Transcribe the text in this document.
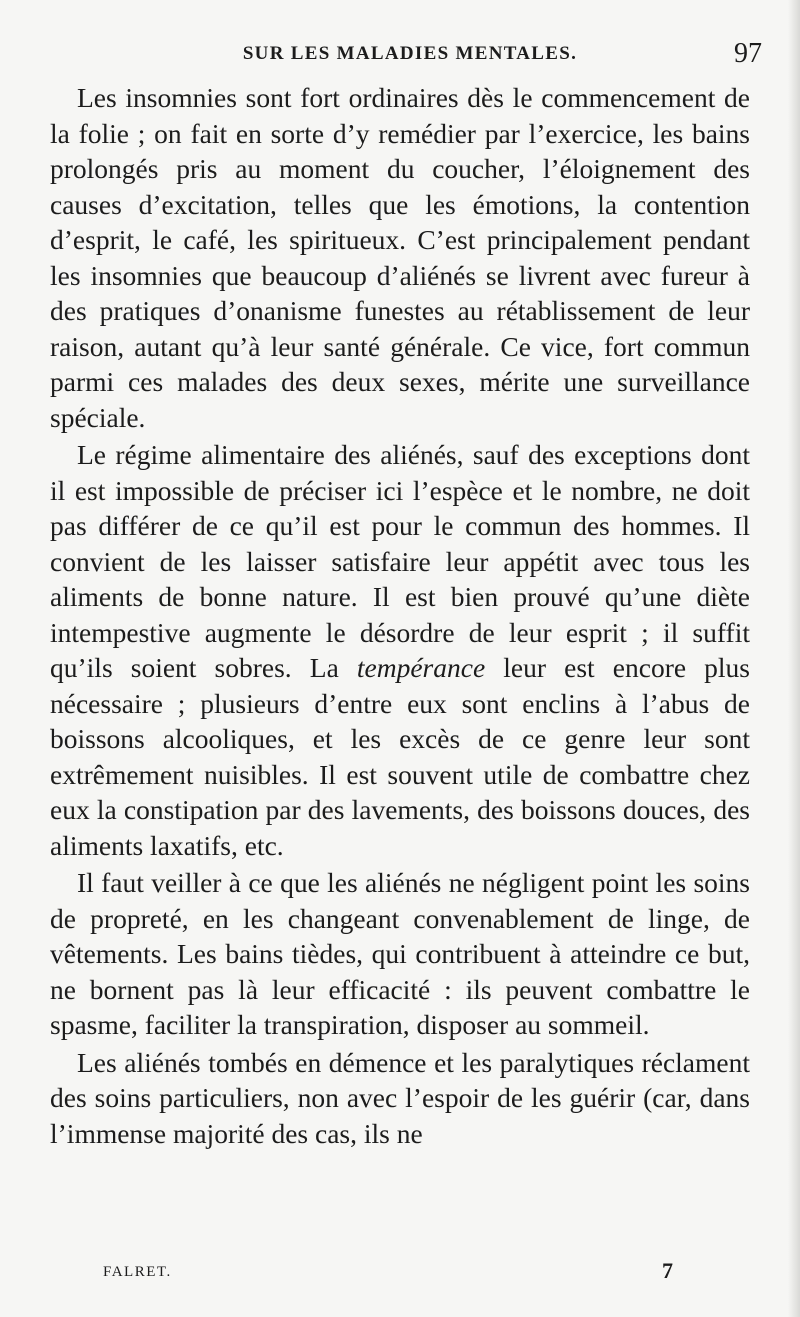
SUR LES MALADIES MENTALES.	97

Les insomnies sont fort ordinaires dès le commencement de la folie ; on fait en sorte d’y remédier par l’exercice, les bains prolongés pris au moment du coucher, l’éloignement des causes d’excitation, telles que les émotions, la contention d’esprit, le café, les spiritueux. C’est principalement pendant les insomnies que beaucoup d’aliénés se livrent avec fureur à des pratiques d’onanisme funestes au rétablissement de leur raison, autant qu’à leur santé générale. Ce vice, fort commun parmi ces malades des deux sexes, mérite une surveillance spéciale.

Le régime alimentaire des aliénés, sauf des exceptions dont il est impossible de préciser ici l’espèce et le nombre, ne doit pas différer de ce qu’il est pour le commun des hommes. Il convient de les laisser satisfaire leur appétit avec tous les aliments de bonne nature. Il est bien prouvé qu’une diète intempestive augmente le désordre de leur esprit ; il suffit qu’ils soient sobres. La tempérance leur est encore plus nécessaire ; plusieurs d’entre eux sont enclins à l’abus de boissons alcooliques, et les excès de ce genre leur sont extrêmement nuisibles. Il est souvent utile de combattre chez eux la constipation par des lavements, des boissons douces, des aliments laxatifs, etc.

Il faut veiller à ce que les aliénés ne négligent point les soins de propreté, en les changeant convenablement de linge, de vêtements. Les bains tièdes, qui contribuent à atteindre ce but, ne bornent pas là leur efficacité : ils peuvent combattre le spasme, faciliter la transpiration, disposer au sommeil.

Les aliénés tombés en démence et les paralytiques réclament des soins particuliers, non avec l’espoir de les guérir (car, dans l’immense majorité des cas, ils ne

FALRET.	7
